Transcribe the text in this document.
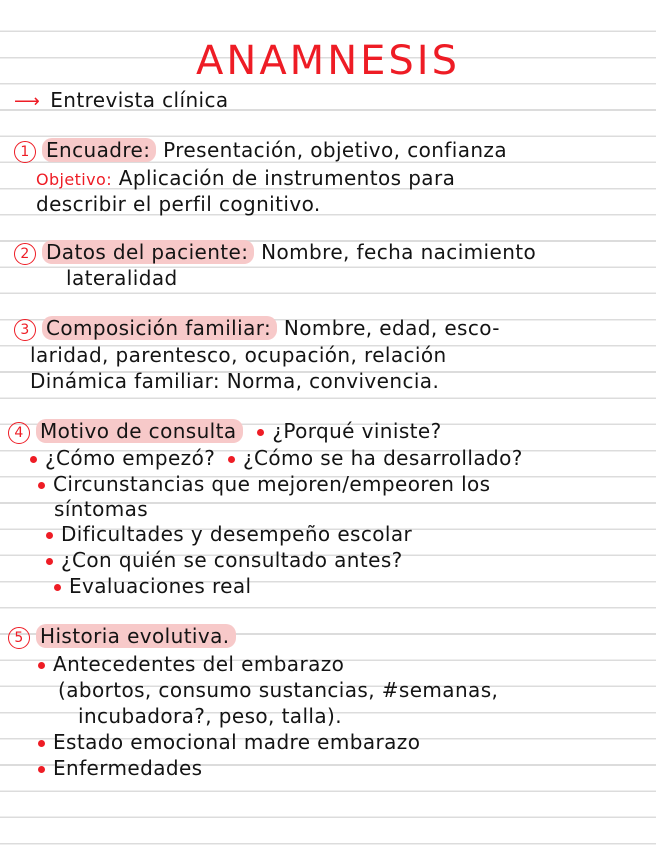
ANAMNESIS
⟶ Entrevista clínica
1 Encuadre: Presentación, objetivo, confianza
Objetivo: Aplicación de instrumentos para
describir el perfil cognitivo.
2 Datos del paciente: Nombre, fecha nacimiento
lateralidad
3 Composición familiar: Nombre, edad, esco-
laridad, parentesco, ocupación, relación
Dinámica familiar: Norma, convivencia.
4 Motivo de consulta ¿Porqué viniste?
¿Cómo empezó? ¿Cómo se ha desarrollado?
Circunstancias que mejoren/empeoren los
síntomas
Dificultades y desempeño escolar
¿Con quién se consultado antes?
Evaluaciones real
5 Historia evolutiva.
Antecedentes del embarazo
(abortos, consumo sustancias, #semanas,
incubadora?, peso, talla).
Estado emocional madre embarazo
Enfermedades
